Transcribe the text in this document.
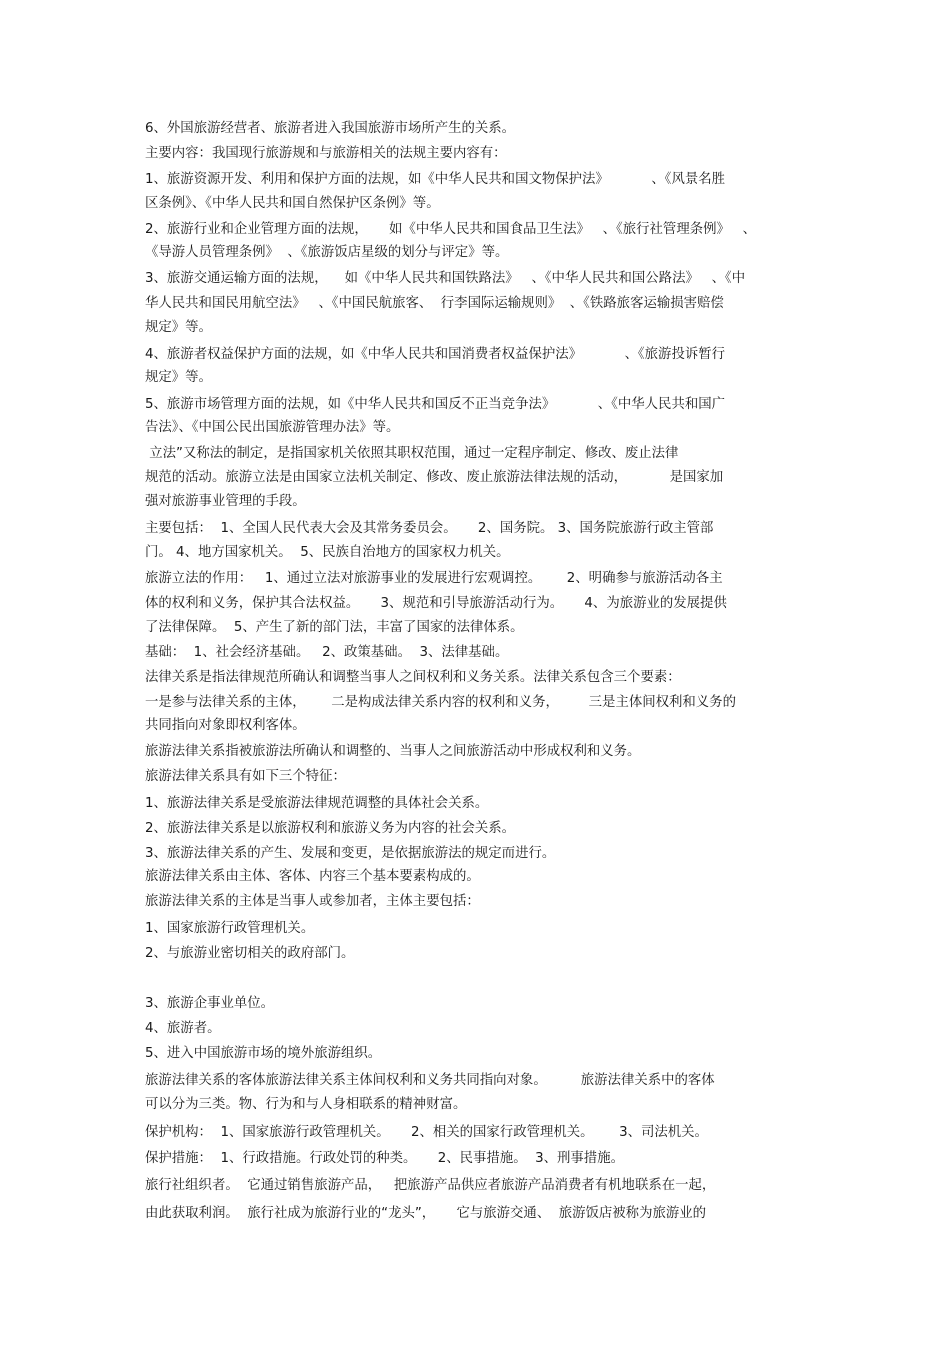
6、外国旅游经营者、旅游者进入我国旅游市场所产生的关系。
主要内容：我国现行旅游规和与旅游相关的法规主要内容有：
1、旅游资源开发、利用和保护方面的法规，如《中华人民共和国文物保护法》          、《风景名胜
区条例》、《中华人民共和国自然保护区条例》等。
2、旅游行业和企业管理方面的法规，     如《中华人民共和国食品卫生法》   、《旅行社管理条例》   、
《导游人员管理条例》  、《旅游饭店星级的划分与评定》等。
3、旅游交通运输方面的法规，    如《中华人民共和国铁路法》   、《中华人民共和国公路法》   、《中
华人民共和国民用航空法》   、《中国民航旅客、  行李国际运输规则》  、《铁路旅客运输损害赔偿
规定》等。
4、旅游者权益保护方面的法规，如《中华人民共和国消费者权益保护法》          、《旅游投诉暂行
规定》等。
5、旅游市场管理方面的法规，如《中华人民共和国反不正当竞争法》          、《中华人民共和国广
告法》、《中国公民出国旅游管理办法》等。
立法”又称法的制定，是指国家机关依照其职权范围，通过一定程序制定、修改、废止法律
规范的活动。旅游立法是由国家立法机关制定、修改、废止旅游法律法规的活动，          是国家加
强对旅游事业管理的手段。
主要包括：  1、全国人民代表大会及其常务委员会。     2、国务院。 3、国务院旅游行政主管部
门。 4、地方国家机关。  5、民族自治地方的国家权力机关。
旅游立法的作用：   1、通过立法对旅游事业的发展进行宏观调控。      2、明确参与旅游活动各主
体的权利和义务，保护其合法权益。     3、规范和引导旅游活动行为。     4、为旅游业的发展提供
了法律保障。  5、产生了新的部门法，丰富了国家的法律体系。
基础：  1、社会经济基础。   2、政策基础。  3、法律基础。
法律关系是指法律规范所确认和调整当事人之间权利和义务关系。法律关系包含三个要素：
一是参与法律关系的主体，      二是构成法律关系内容的权利和义务，       三是主体间权利和义务的
共同指向对象即权利客体。
旅游法律关系指被旅游法所确认和调整的、当事人之间旅游活动中形成权利和义务。
旅游法律关系具有如下三个特征：
1、旅游法律关系是受旅游法律规范调整的具体社会关系。
2、旅游法律关系是以旅游权利和旅游义务为内容的社会关系。
3、旅游法律关系的产生、发展和变更，是依据旅游法的规定而进行。
旅游法律关系由主体、客体、内容三个基本要素构成的。
旅游法律关系的主体是当事人或参加者，主体主要包括：
1、国家旅游行政管理机关。
2、与旅游业密切相关的政府部门。
3、旅游企事业单位。
4、旅游者。
5、进入中国旅游市场的境外旅游组织。
旅游法律关系的客体旅游法律关系主体间权利和义务共同指向对象。        旅游法律关系中的客体
可以分为三类。物、行为和与人身相联系的精神财富。
保护机构：  1、国家旅游行政管理机关。     2、相关的国家行政管理机关。      3、司法机关。
保护措施：  1、行政措施。行政处罚的种类。     2、民事措施。  3、刑事措施。
旅行社组织者。  它通过销售旅游产品，   把旅游产品供应者旅游产品消费者有机地联系在一起，
由此获取利润。  旅行社成为旅游行业的“龙头”，     它与旅游交通、  旅游饭店被称为旅游业的
